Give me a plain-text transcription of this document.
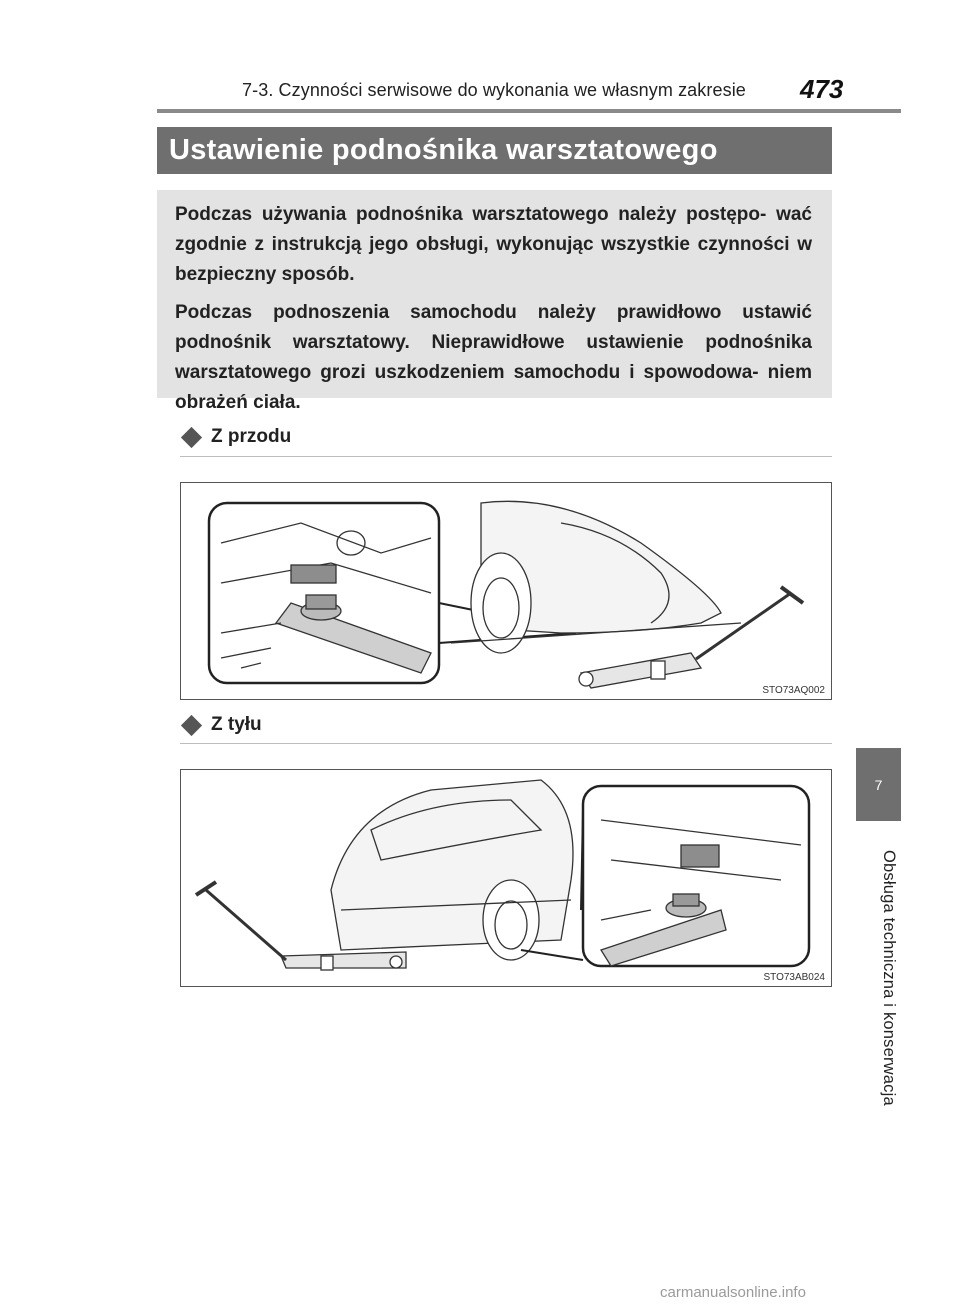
7-3. Czynności serwisowe do wykonania we własnym zakresie	473
Ustawienie podnośnika warsztatowego

Podczas używania podnośnika warsztatowego należy postępo- wać zgodnie z instrukcją jego obsługi, wykonując wszystkie czynności w bezpieczny sposób.

Podczas podnoszenia samochodu należy prawidłowo ustawić podnośnik warsztatowy. Nieprawidłowe ustawienie podnośnika warsztatowego grozi uszkodzeniem samochodu i spowodowa- niem obrażeń ciała.

Z przodu
STO73AQ002
Z tyłu
STO73AB024
7
Obsługa techniczna i konserwacja
carmanualsonline.info
